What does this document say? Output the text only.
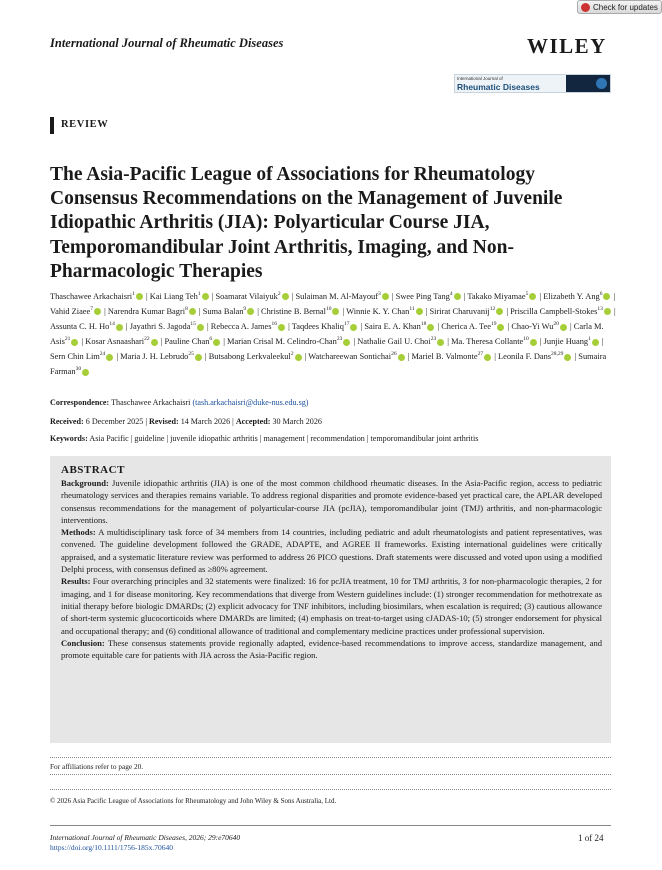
Check for updates
International Journal of Rheumatic Diseases	WILEY
International Journal of
Rheumatic Diseases
REVIEW
The Asia-Pacific League of Associations for Rheumatology Consensus Recommendations on the Management of Juvenile Idiopathic Arthritis (JIA): Polyarticular Course JIA, Temporomandibular Joint Arthritis, Imaging, and Non-Pharmacologic Therapies
Thaschawee Arkachaisri$^1$ | Kai Liang Teh$^1$ | Soamarat Vilaiyuk$^2$ | Sulaiman M. Al-Mayouf$^3$ | Swee Ping Tang$^4$ | Takako Miyamae$^5$ | Elizabeth Y. Ang$^6$ | Vahid Ziaee$^7$ | Narendra Kumar Bagri$^8$ | Suma Balan$^9$ | Christine B. Bernal$^{10}$ | Winnie K. Y. Chan$^{11}$ | Sirirat Charuvanij$^{12}$ | Priscilla Campbell-Stokes$^{13}$ | Assunta C. H. Ho$^{14}$ | Jayathri S. Jagoda$^{15}$ | Rebecca A. James$^{16}$ | Taqdees Khaliq$^{17}$ | Saira E. A. Khan$^{18}$ | Cherica A. Tee$^{19}$ | Chao-Yi Wu$^{20}$ | Carla M. Asis$^{21}$ | Kosar Asnaashari$^{22}$ | Pauline Chan$^6$ | Marian Crisal M. Celindro-Chan$^{23}$ | Nathalie Gail U. Choi$^{23}$ | Ma. Theresa Collante$^{10}$ | Junjie Huang$^1$ | Sern Chin Lim$^{24}$ | Maria J. H. Lebrudo$^{25}$ | Butsabong Lerkvaleekul$^2$ | Watchareewan Sontichai$^{26}$ | Mariel B. Valmonte$^{27}$ | Leonila F. Dans$^{28,29}$ | Sumaira Farman$^{30}$
Correspondence: Thaschawee Arkachaisri (tash.arkachaisri@duke-nus.edu.sg)
Received: 6 December 2025 | Revised: 14 March 2026 | Accepted: 30 March 2026
Keywords: Asia Pacific | guideline | juvenile idiopathic arthritis | management | recommendation | temporomandibular joint arthritis
ABSTRACT

Background: Juvenile idiopathic arthritis (JIA) is one of the most common childhood rheumatic diseases. In the Asia-Pacific region, access to pediatric rheumatology services and therapies remains variable. To address regional disparities and promote evidence-based yet practical care, the APLAR developed consensus recommendations for the management of polyarticular-course JIA (pcJIA), temporomandibular joint (TMJ) arthritis, and non-pharmacologic interventions.

Methods: A multidisciplinary task force of 34 members from 14 countries, including pediatric and adult rheumatologists and patient representatives, was convened. The guideline development followed the GRADE, ADAPTE, and AGREE II frameworks. Existing international guidelines were critically appraised, and a systematic literature review was performed to address 26 PICO questions. Draft statements were discussed and voted upon using a modified Delphi process, with consensus defined as ≥80% agreement.

Results: Four overarching principles and 32 statements were finalized: 16 for pcJIA treatment, 10 for TMJ arthritis, 3 for non-pharmacologic therapies, 2 for imaging, and 1 for disease monitoring. Key recommendations that diverge from Western guidelines include: (1) stronger recommendation for methotrexate as initial therapy before biologic DMARDs; (2) explicit advocacy for TNF inhibitors, including biosimilars, when escalation is required; (3) cautious allowance of short-term systemic glucocorticoids where DMARDs are limited; (4) emphasis on treat-to-target using cJADAS-10; (5) stronger endorsement for physical and occupational therapy; and (6) conditional allowance of traditional and complementary medicine practices under professional supervision.

Conclusion: These consensus statements provide regionally adapted, evidence-based recommendations to improve access, standardize management, and promote equitable care for patients with JIA across the Asia-Pacific region.

For affiliations refer to page 20.
© 2026 Asia Pacific League of Associations for Rheumatology and John Wiley & Sons Australia, Ltd.
International Journal of Rheumatic Diseases, 2026; 29:e70640
https://doi.org/10.1111/1756-185x.70640
1 of 24
